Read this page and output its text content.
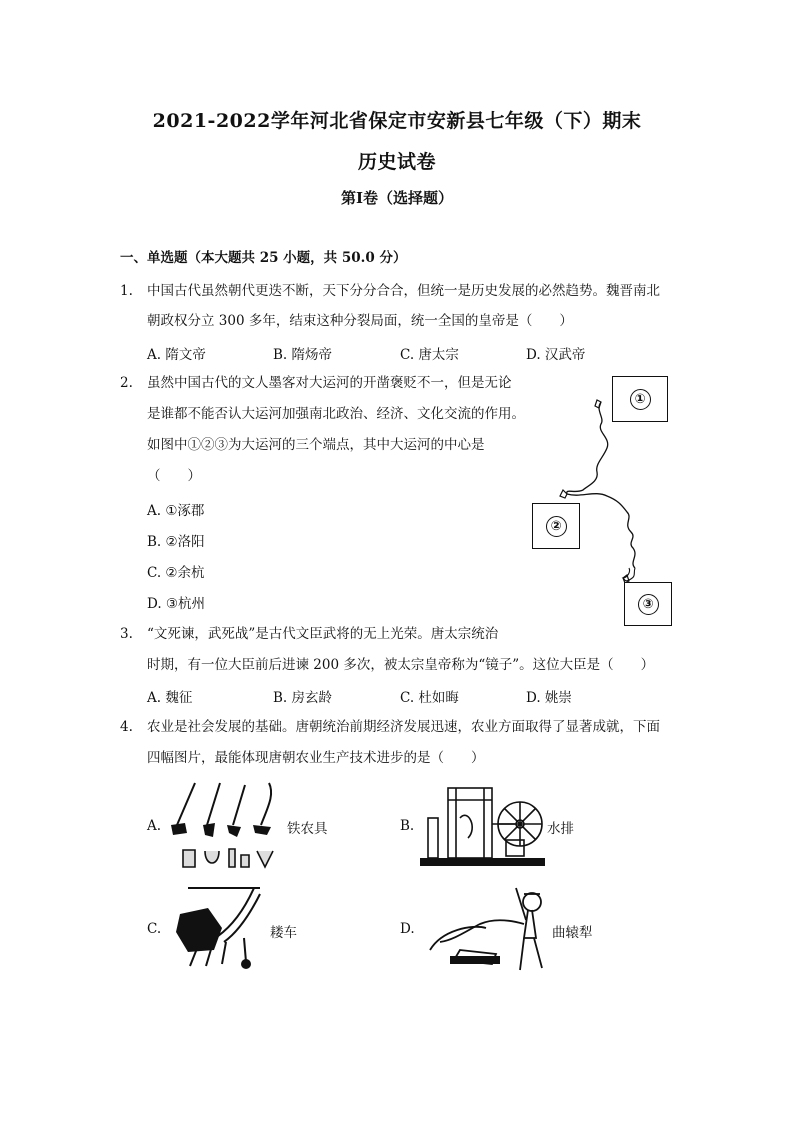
2021-2022学年河北省保定市安新县七年级（下）期末
历史试卷
第I卷（选择题）
一、单选题（本大题共 25 小题，共 50.0 分）
1. 中国古代虽然朝代更迭不断，天下分分合合，但统一是历史发展的必然趋势。魏晋南北
朝政权分立 300 多年，结束这种分裂局面，统一全国的皇帝是（　　）
A. 隋文帝	B. 隋炀帝	C. 唐太宗	D. 汉武帝
2. 虽然中国古代的文人墨客对大运河的开凿褒贬不一，但是无论
是谁都不能否认大运河加强南北政治、经济、文化交流的作用。
如图中①②③为大运河的三个端点，其中大运河的中心是
（　　）
A. ①涿郡
B. ②洛阳
C. ②余杭
D. ③杭州
①
②
③
3. “文死谏，武死战”是古代文臣武将的无上光荣。唐太宗统治
时期，有一位大臣前后进谏 200 多次，被太宗皇帝称为“镜子”。这位大臣是（　　）
A. 魏征	B. 房玄龄	C. 杜如晦	D. 姚崇
4. 农业是社会发展的基础。唐朝统治前期经济发展迅速，农业方面取得了显著成就，下面
四幅图片，最能体现唐朝农业生产技术进步的是（　　）
A.	铁农具	B.	水排
C.	耧车	D.	曲辕犁
